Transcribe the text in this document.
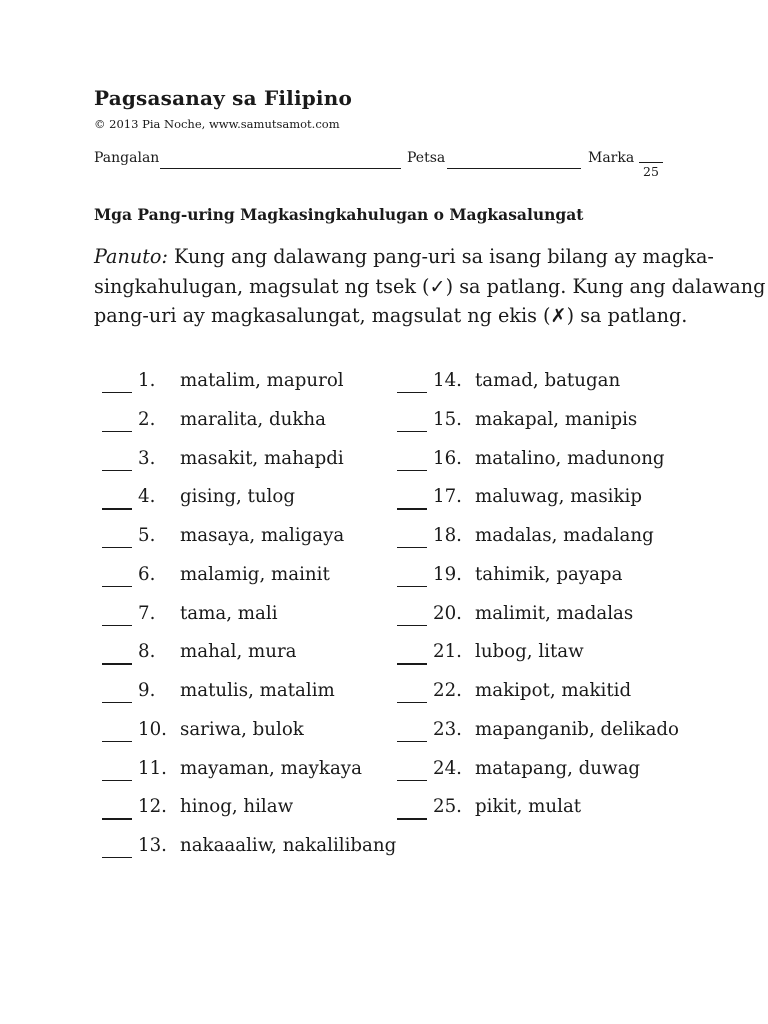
Pagsasanay sa Filipino
© 2013 Pia Noche, www.samutsamot.com
Pangalan	Petsa	Marka
25
Mga Pang-uring Magkasingkahulugan o Magkasalungat

Panuto: Kung ang dalawang pang-uri sa isang bilang ay magka-

singkahulugan, magsulat ng tsek (✓) sa patlang. Kung ang dalawang

pang-uri ay magkasalungat, magsulat ng ekis (✗) sa patlang.

1.	matalim, mapurol
2.	maralita, dukha
3.	masakit, mahapdi
4.	gising, tulog
5.	masaya, maligaya
6.	malamig, mainit
7.	tama, mali
8.	mahal, mura
9.	matulis, matalim
10. sariwa, bulok
11. mayaman, maykaya
12. hinog, hilaw
13. nakaaaliw, nakalilibang
14. tamad, batugan
15. makapal, manipis
16. matalino, madunong
17. maluwag, masikip
18. madalas, madalang
19. tahimik, payapa
20. malimit, madalas
21. lubog, litaw
22. makipot, makitid
23. mapanganib, delikado
24. matapang, duwag
25. pikit, mulat
